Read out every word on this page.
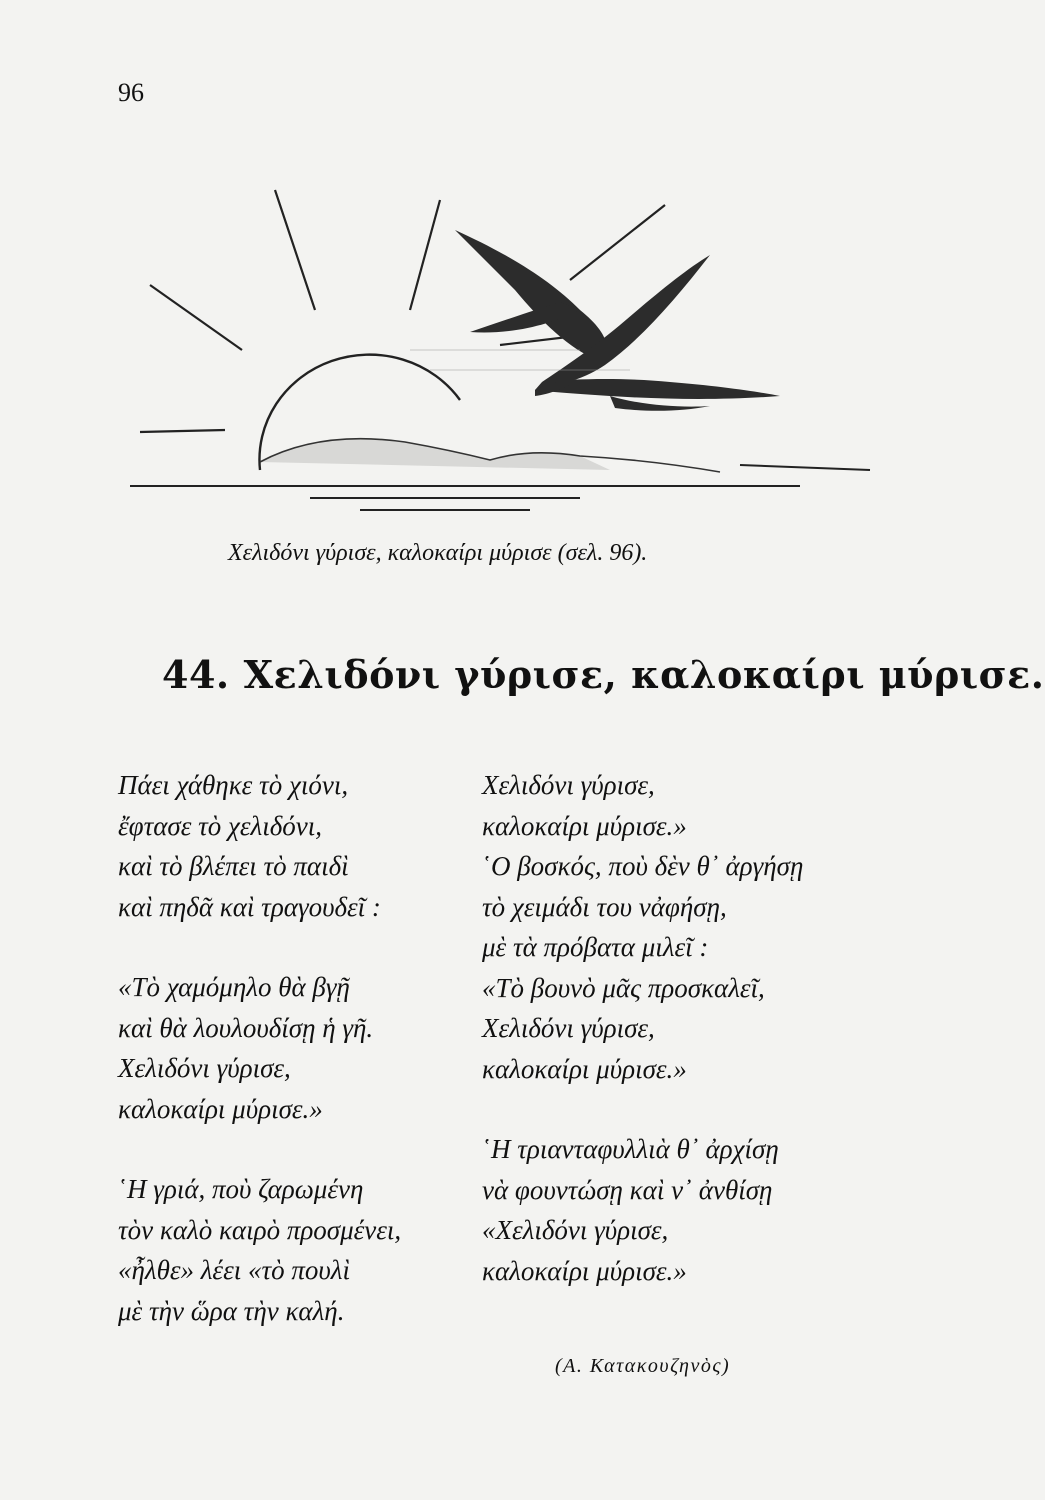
96
Χελιδόνι γύρισε, καλοκαίρι μύρισε (σελ. 96).
44. Χελιδόνι γύρισε, καλοκαίρι μύρισε.
Πάει χάθηκε τὸ χιόνι,
ἔφτασε τὸ χελιδόνι,
καὶ τὸ βλέπει τὸ παιδὶ
καὶ πηδᾶ καὶ τραγουδεῖ :
«Τὸ χαμόμηλο θὰ βγῇ
καὶ θὰ λουλουδίσῃ ἡ γῆ.
Χελιδόνι γύρισε,
καλοκαίρι μύρισε.»
῾Η γριά, ποὺ ζαρωμένη
τὸν καλὸ καιρὸ προσμένει,
«ἦλθε» λέει «τὸ πουλὶ
μὲ τὴν ὥρα τὴν καλή.
Χελιδόνι γύρισε,
καλοκαίρι μύρισε.»
῾Ο βοσκός, ποὺ δὲν θ᾿ ἀργήσῃ
τὸ χειμάδι του νἀφήσῃ,
μὲ τὰ πρόβατα μιλεῖ :
«Τὸ βουνὸ μᾶς προσκαλεῖ,
Χελιδόνι γύρισε,
καλοκαίρι μύρισε.»
῾Η τριανταφυλλιὰ θ᾿ ἀρχίσῃ
νὰ φουντώσῃ καὶ ν᾿ ἀνθίσῃ
«Χελιδόνι γύρισε,
καλοκαίρι μύρισε.»
(Α. Κατακουζηνὸς)
